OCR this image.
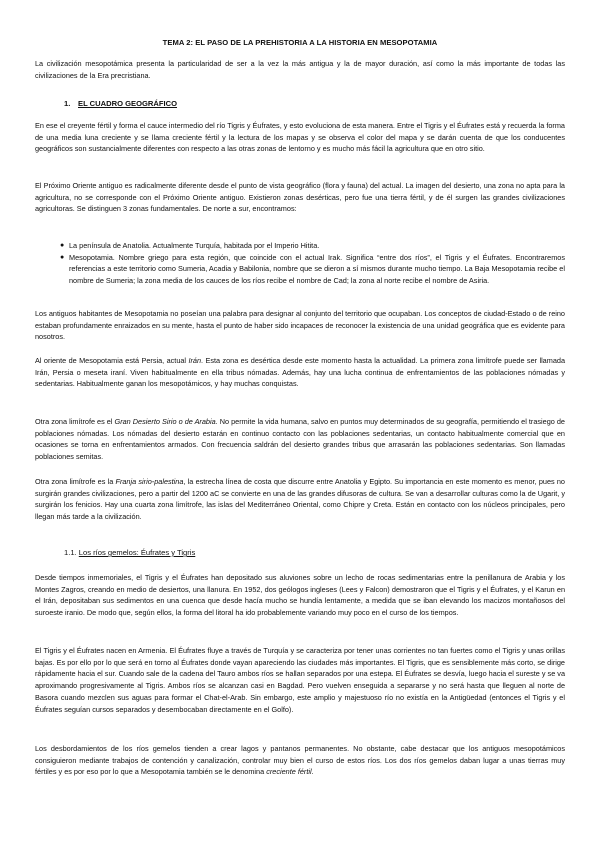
TEMA 2: EL PASO DE LA PREHISTORIA A LA HISTORIA EN MESOPOTAMIA

La civilización mesopotámica presenta la particularidad de ser a la vez la más antigua y la de mayor duración, así como la más importante de todas las civilizaciones de la Era precristiana.

1. EL CUADRO GEOGRÁFICO

En ese el creyente fértil y forma el cauce intermedio del río Tigris y Éufrates, y esto evoluciona de esta manera. Entre el Tigris y el Éufrates está y recuerda la forma de una media luna creciente y se llama creciente fértil y la lectura de los mapas y se observa el color del mapa y se darán cuenta de que los conducentes geográficos son sustancialmente diferentes con respecto a las otras zonas de lentorno y es mucho más fácil la agricultura que en otro sitio.

El Próximo Oriente antiguo es radicalmente diferente desde el punto de vista geográfico (flora y fauna) del actual. La imagen del desierto, una zona no apta para la agricultura, no se corresponde con el Próximo Oriente antiguo. Existieron zonas desérticas, pero fue una tierra fértil, y de él surgen las grandes civilizaciones agricultoras. Se distinguen 3 zonas fundamentales. De norte a sur, encontramos:

● La península de Anatolia. Actualmente Turquía, habitada por el Imperio Hitita.
● Mesopotamia. Nombre griego para esta región, que coincide con el actual Irak. Significa “entre dos ríos”, el Tigris y el Éufrates. Encontraremos referencias a este territorio como Sumeria, Acadia y Babilonia, nombre que se dieron a sí mismos durante mucho tiempo. La Baja Mesopotamia recibe el nombre de Sumeria; la zona media de los cauces de los ríos recibe el nombre de Cad; la zona al norte recibe el nombre de Asiria.

Los antiguos habitantes de Mesopotamia no poseían una palabra para designar al conjunto del territorio que ocupaban. Los conceptos de ciudad-Estado o de reino estaban profundamente enraizados en su mente, hasta el punto de haber sido incapaces de reconocer la existencia de una unidad geográfica que es evidente para nosotros.

Al oriente de Mesopotamia está Persia, actual Irán. Esta zona es desértica desde este momento hasta la actualidad. La primera zona limítrofe puede ser llamada Irán, Persia o meseta iraní. Viven habitualmente en ella tribus nómadas. Además, hay una lucha continua de enfrentamientos de las poblaciones nómadas y sedentarias. Habitualmente ganan los mesopotámicos, y hay muchas conquistas.

Otra zona limítrofe es el Gran Desierto Sirio o de Arabia. No permite la vida humana, salvo en puntos muy determinados de su geografía, permitiendo el trasiego de poblaciones nómadas. Los nómadas del desierto estarán en continuo contacto con las poblaciones sedentarias, un contacto habitualmente comercial que en ocasiones se torna en enfrentamientos armados. Con frecuencia saldrán del desierto grandes tribus que arrasarán las poblaciones sedentarias. Son llamadas poblaciones semitas.

Otra zona limítrofe es la Franja sirio-palestina, la estrecha línea de costa que discurre entre Anatolia y Egipto. Su importancia en este momento es menor, pues no surgirán grandes civilizaciones, pero a partir del 1200 aC se convierte en una de las grandes difusoras de cultura. Se van a desarrollar culturas como la de Ugarit, y surgirán los fenicios. Hay una cuarta zona limítrofe, las islas del Mediterráneo Oriental, como Chipre y Creta. Están en contacto con los núcleos principales, pero llegan más tarde a la civilización.

1.1. Los ríos gemelos: Éufrates y Tigris

Desde tiempos inmemoriales, el Tigris y el Éufrates han depositado sus aluviones sobre un lecho de rocas sedimentarias entre la penillanura de Arabia y los Montes Zagros, creando en medio de desiertos, una llanura. En 1952, dos geólogos ingleses (Lees y Falcon) demostraron que el Tigris y el Éufrates, y el Karun en el Irán, depositaban sus sedimentos en una cuenca que desde hacía mucho se hundía lentamente, a medida que se iban elevando los macizos montañosos del suroeste iranio. De modo que, según ellos, la forma del litoral ha ido probablemente variando muy poco en el curso de los tiempos.

El Tigris y el Éufrates nacen en Armenia. El Éufrates fluye a través de Turquía y se caracteriza por tener unas corrientes no tan fuertes como el Tigris y unas orillas bajas. Es por ello por lo que será en torno al Éufrates donde vayan apareciendo las ciudades más importantes. El Tigris, que es sensiblemente más corto, se dirige rápidamente hacia el sur. Cuando sale de la cadena del Tauro ambos ríos se hallan separados por una estepa. El Éufrates se desvía, luego hacia el sureste y se va aproximando progresivamente al Tigris. Ambos ríos se alcanzan casi en Bagdad. Pero vuelven enseguida a separarse y no será hasta que lleguen al norte de Basora cuando mezclen sus aguas para formar el Chat-el-Arab. Sin embargo, este amplio y majestuoso río no existía en la Antigüedad (entonces el Tigris y el Éufrates seguían cursos separados y desembocaban directamente en el Golfo).

Los desbordamientos de los ríos gemelos tienden a crear lagos y pantanos permanentes. No obstante, cabe destacar que los antiguos mesopotámicos consiguieron mediante trabajos de contención y canalización, controlar muy bien el curso de estos ríos. Los dos ríos gemelos daban lugar a unas tierras muy fértiles y es por eso por lo que a Mesopotamia también se le denomina creciente fértil.
